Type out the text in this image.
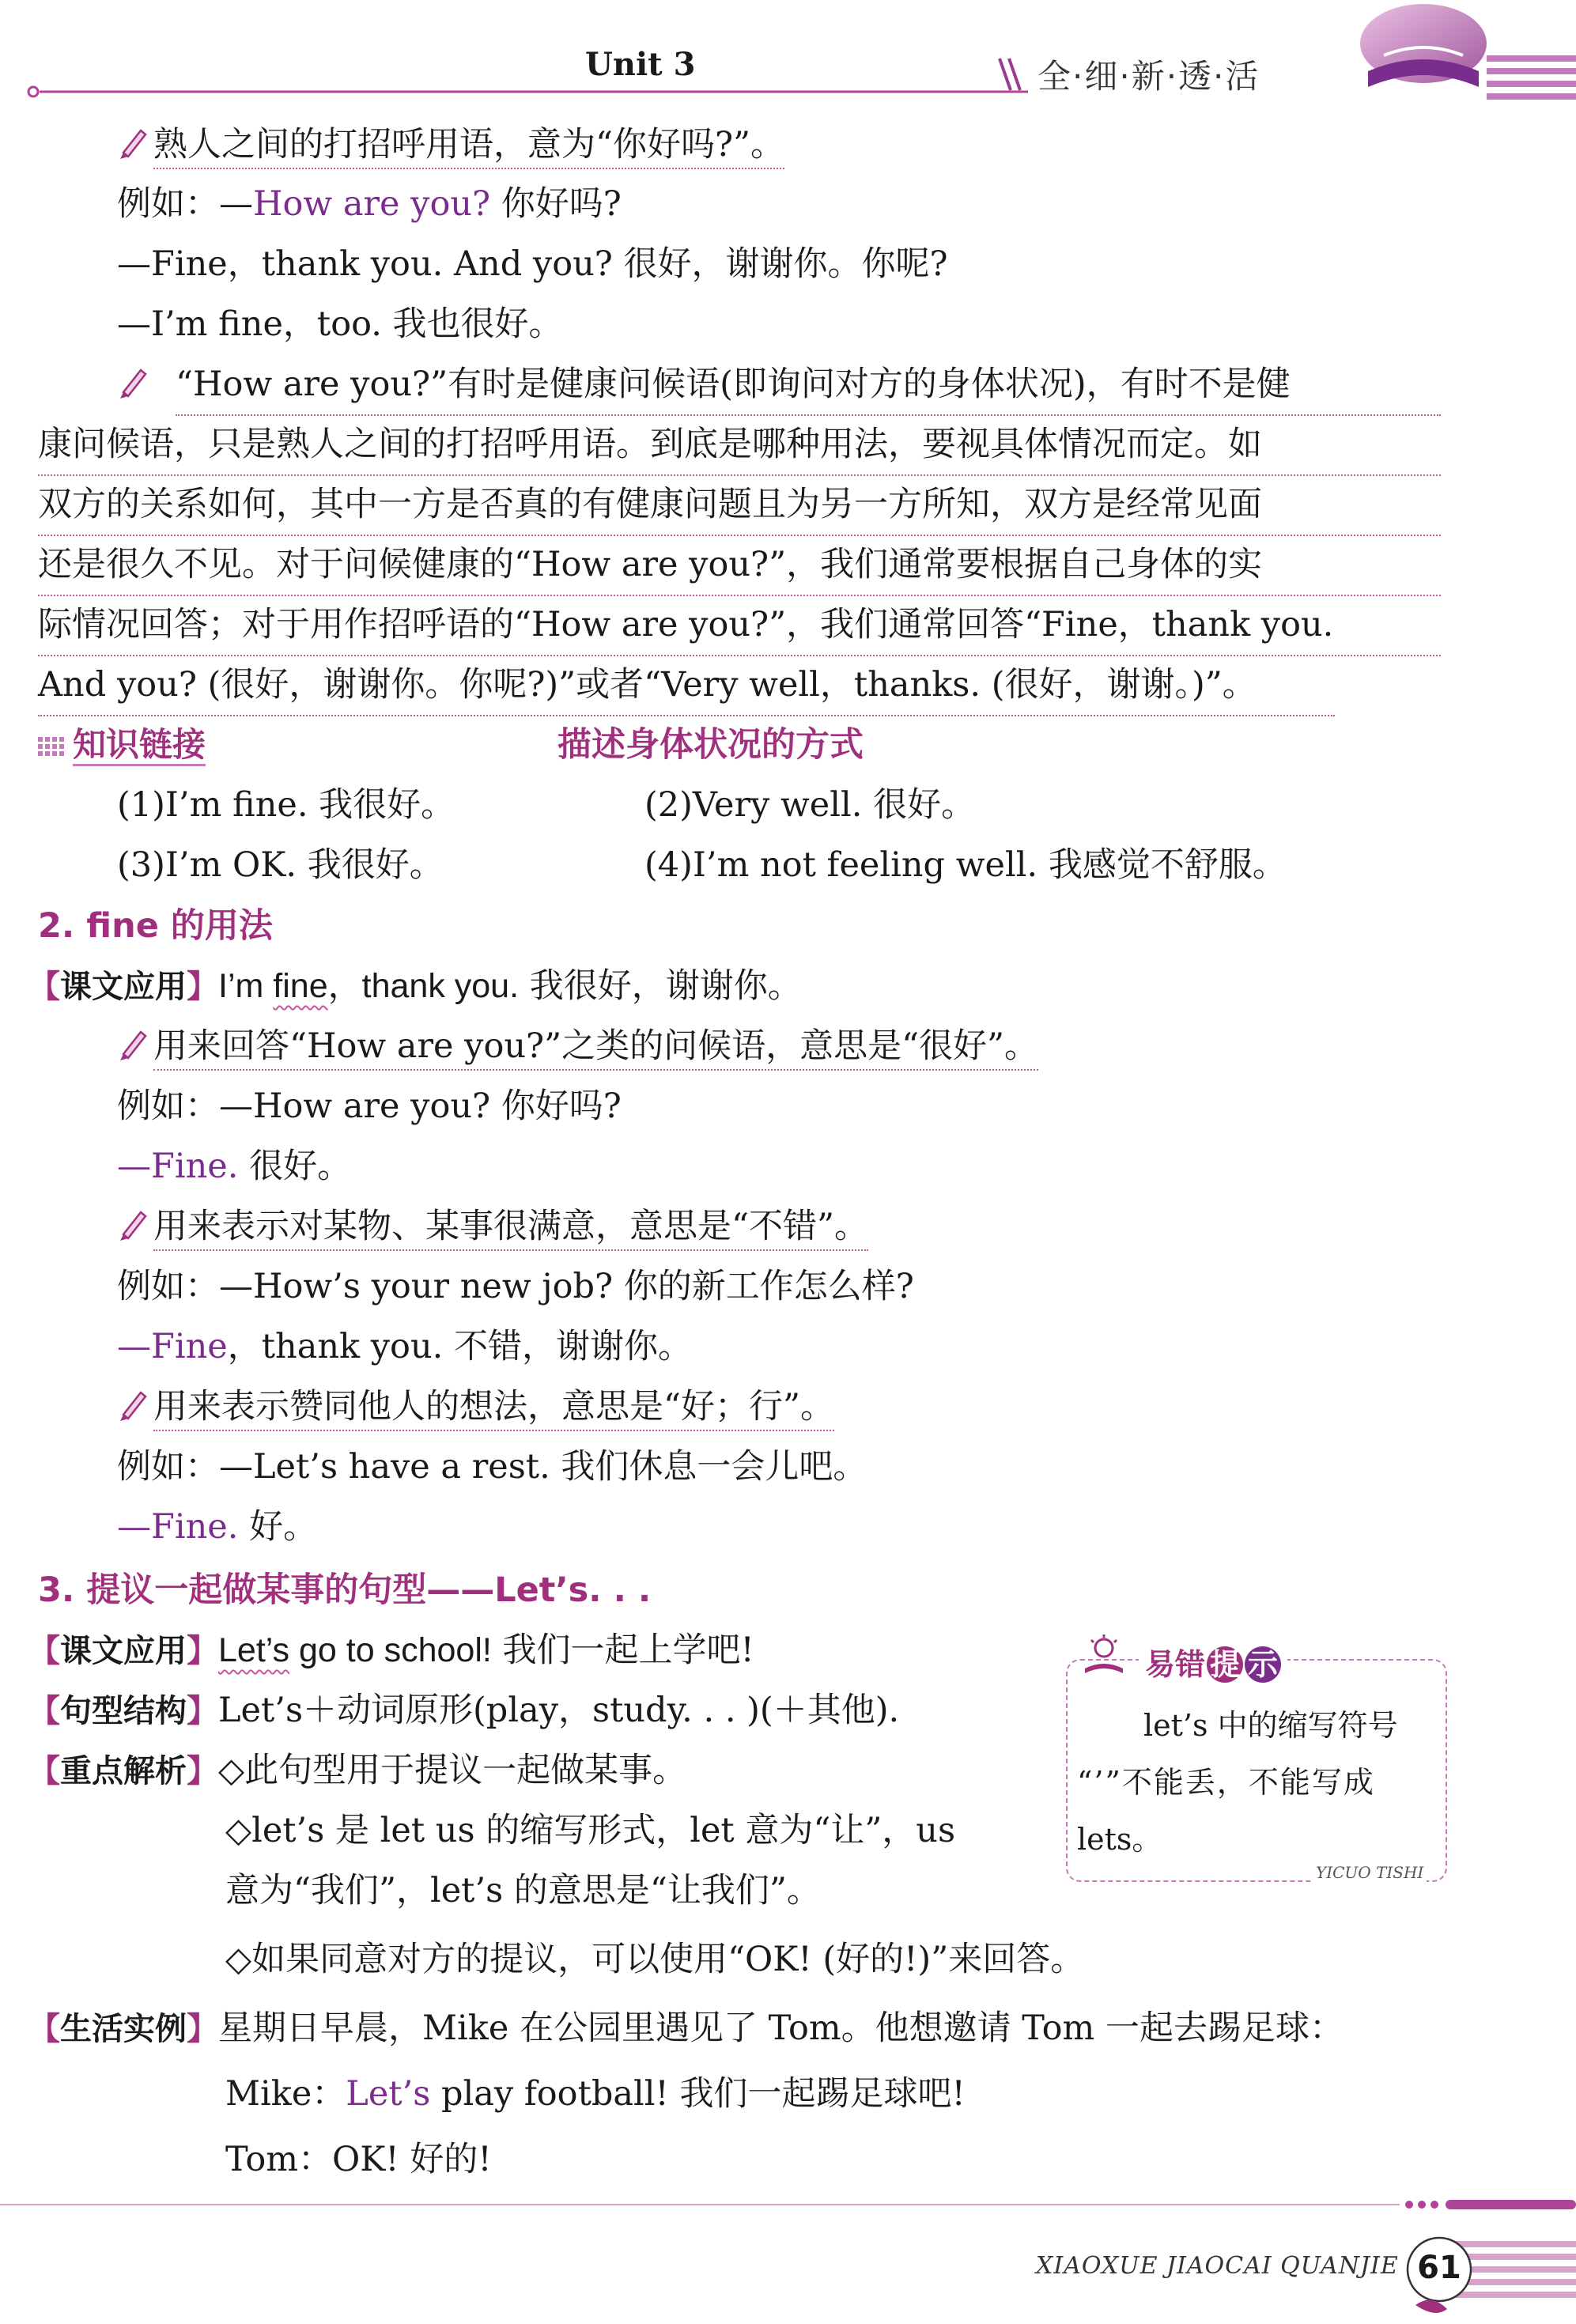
Unit 3	全·细·新·透·活
熟人之间的打招呼用语，意为“你好吗?”。
例如：—How are you? 你好吗?
—Fine，thank you. And you? 很好，谢谢你。你呢?
—I’m fine，too. 我也很好。

“How are you?”有时是健康问候语(即询问对方的身体状况)，有时不是健

康问候语，只是熟人之间的打招呼用语。到底是哪种用法，要视具体情况而定。如

双方的关系如何，其中一方是否真的有健康问题且为另一方所知，双方是经常见面

还是很久不见。对于问候健康的“How are you?”，我们通常要根据自己身体的实

际情况回答；对于用作招呼语的“How are you?”，我们通常回答“Fine，thank you.

And you? (很好，谢谢你。你呢?)”或者“Very well，thanks. (很好，谢谢。)”。

知识链接	描述身体状况的方式
(1)I’m fine. 我很好。	(2)Very well. 很好。
(3)I’m OK. 我很好。	(4)I’m not feeling well. 我感觉不舒服。
2. fine 的用法
【课文应用】I’m fine，thank you. 我很好，谢谢你。
用来回答“How are you?”之类的问候语，意思是“很好”。
例如：—How are you? 你好吗?
—Fine. 很好。
用来表示对某物、某事很满意，意思是“不错”。
例如：—How’s your new job? 你的新工作怎么样?
—Fine，thank you. 不错，谢谢你。
用来表示赞同他人的想法，意思是“好；行”。
例如：—Let’s have a rest. 我们休息一会儿吧。
—Fine. 好。
3. 提议一起做某事的句型——Let’s. . .
【课文应用】Let’s go to school! 我们一起上学吧!
【句型结构】Let’s＋动词原形(play，study. . . )(＋其他).
【重点解析】◇此句型用于提议一起做某事。
◇let’s 是 let us 的缩写形式，let 意为“让”，us
意为“我们”，let’s 的意思是“让我们”。
◇如果同意对方的提议，可以使用“OK! (好的!)”来回答。
【生活实例】星期日早晨，Mike 在公园里遇见了 Tom。他想邀请 Tom 一起去踢足球：
Mike：Let’s play football! 我们一起踢足球吧!
Tom：OK! 好的!
易错 提 示
let’s 中的缩写符号
“’”不能丢，不能写成
lets。
YICUO TISHI
XIAOXUE JIAOCAI QUANJIE 61
